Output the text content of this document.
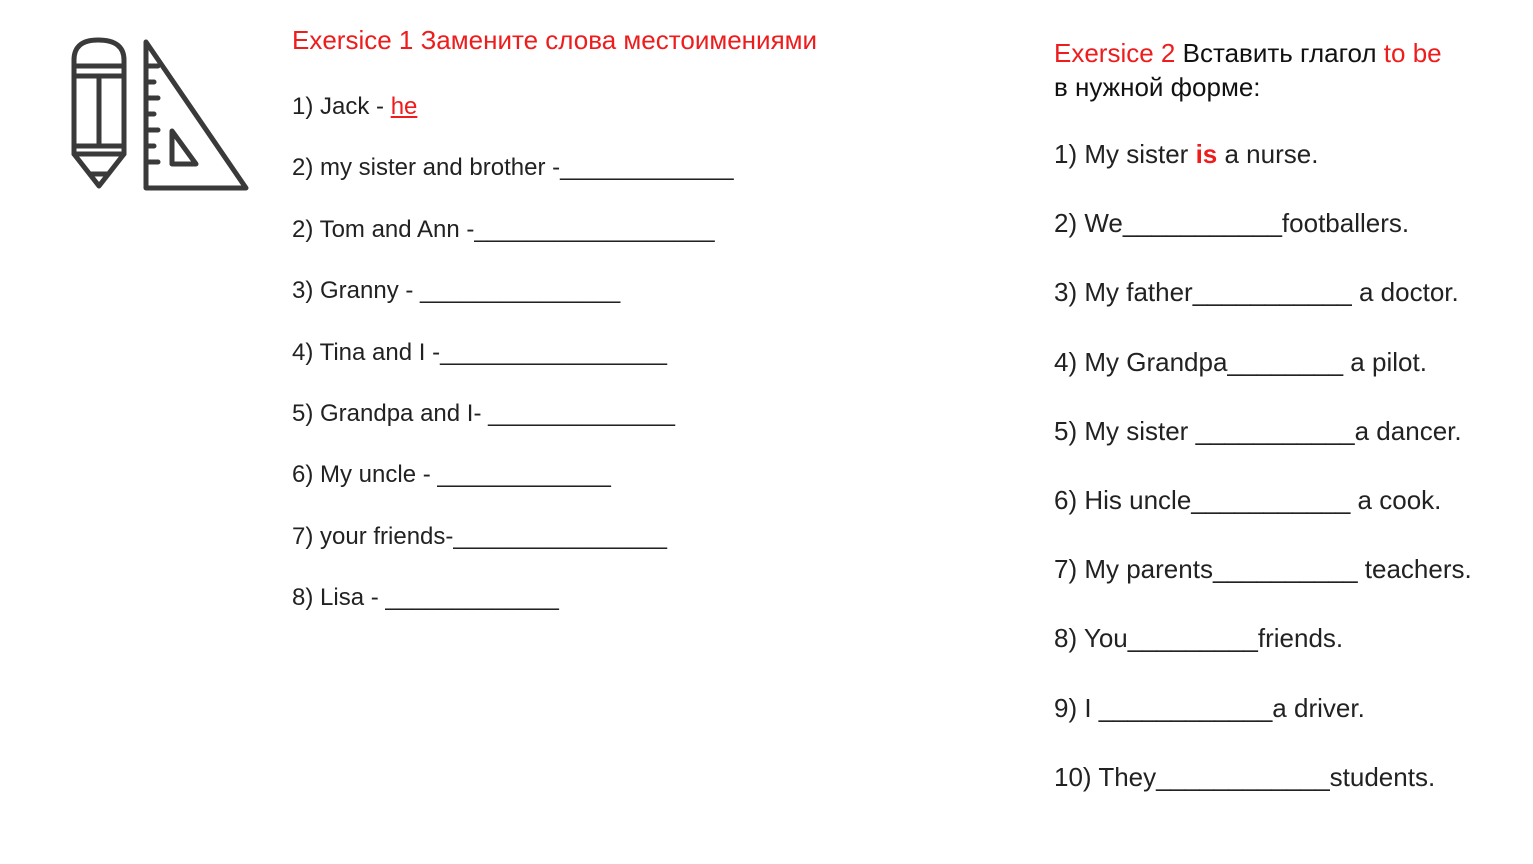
Exersice 1 Замените слова местоимениями
1) Jack - he
2) my sister and brother -_____________
2) Tom and Ann -__________________
3) Granny - _______________
4) Tina and I -_________________
5) Grandpa and I- ______________
6) My uncle - _____________
7) your friends-________________
8) Lisa - _____________
Exersice 2 Вставить глагол to be
в нужной форме:
1) My sister is a nurse.
2) We___________footballers.
3) My father___________ a doctor.
4) My Grandpa________ a pilot.
5) My sister ___________a dancer.
6) His uncle___________ a cook.
7) My parents__________ teachers.
8) You_________friends.
9) I ____________a driver.
10) They____________students.
